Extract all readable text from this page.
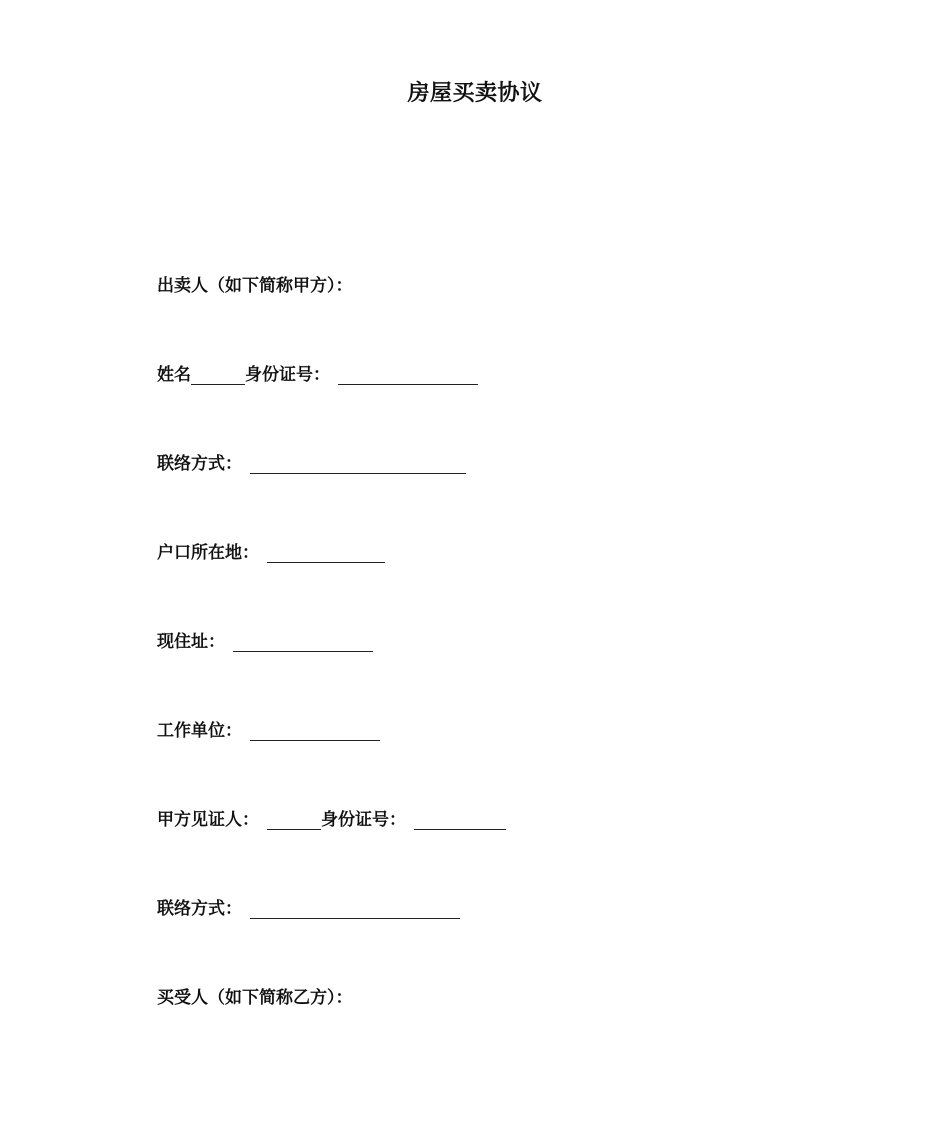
房屋买卖协议
出卖人（如下简称甲方）：
姓名	身份证号：
联络方式：
户口所在地：
现住址：
工作单位：
甲方见证人：	身份证号：
联络方式：
买受人（如下简称乙方）：
